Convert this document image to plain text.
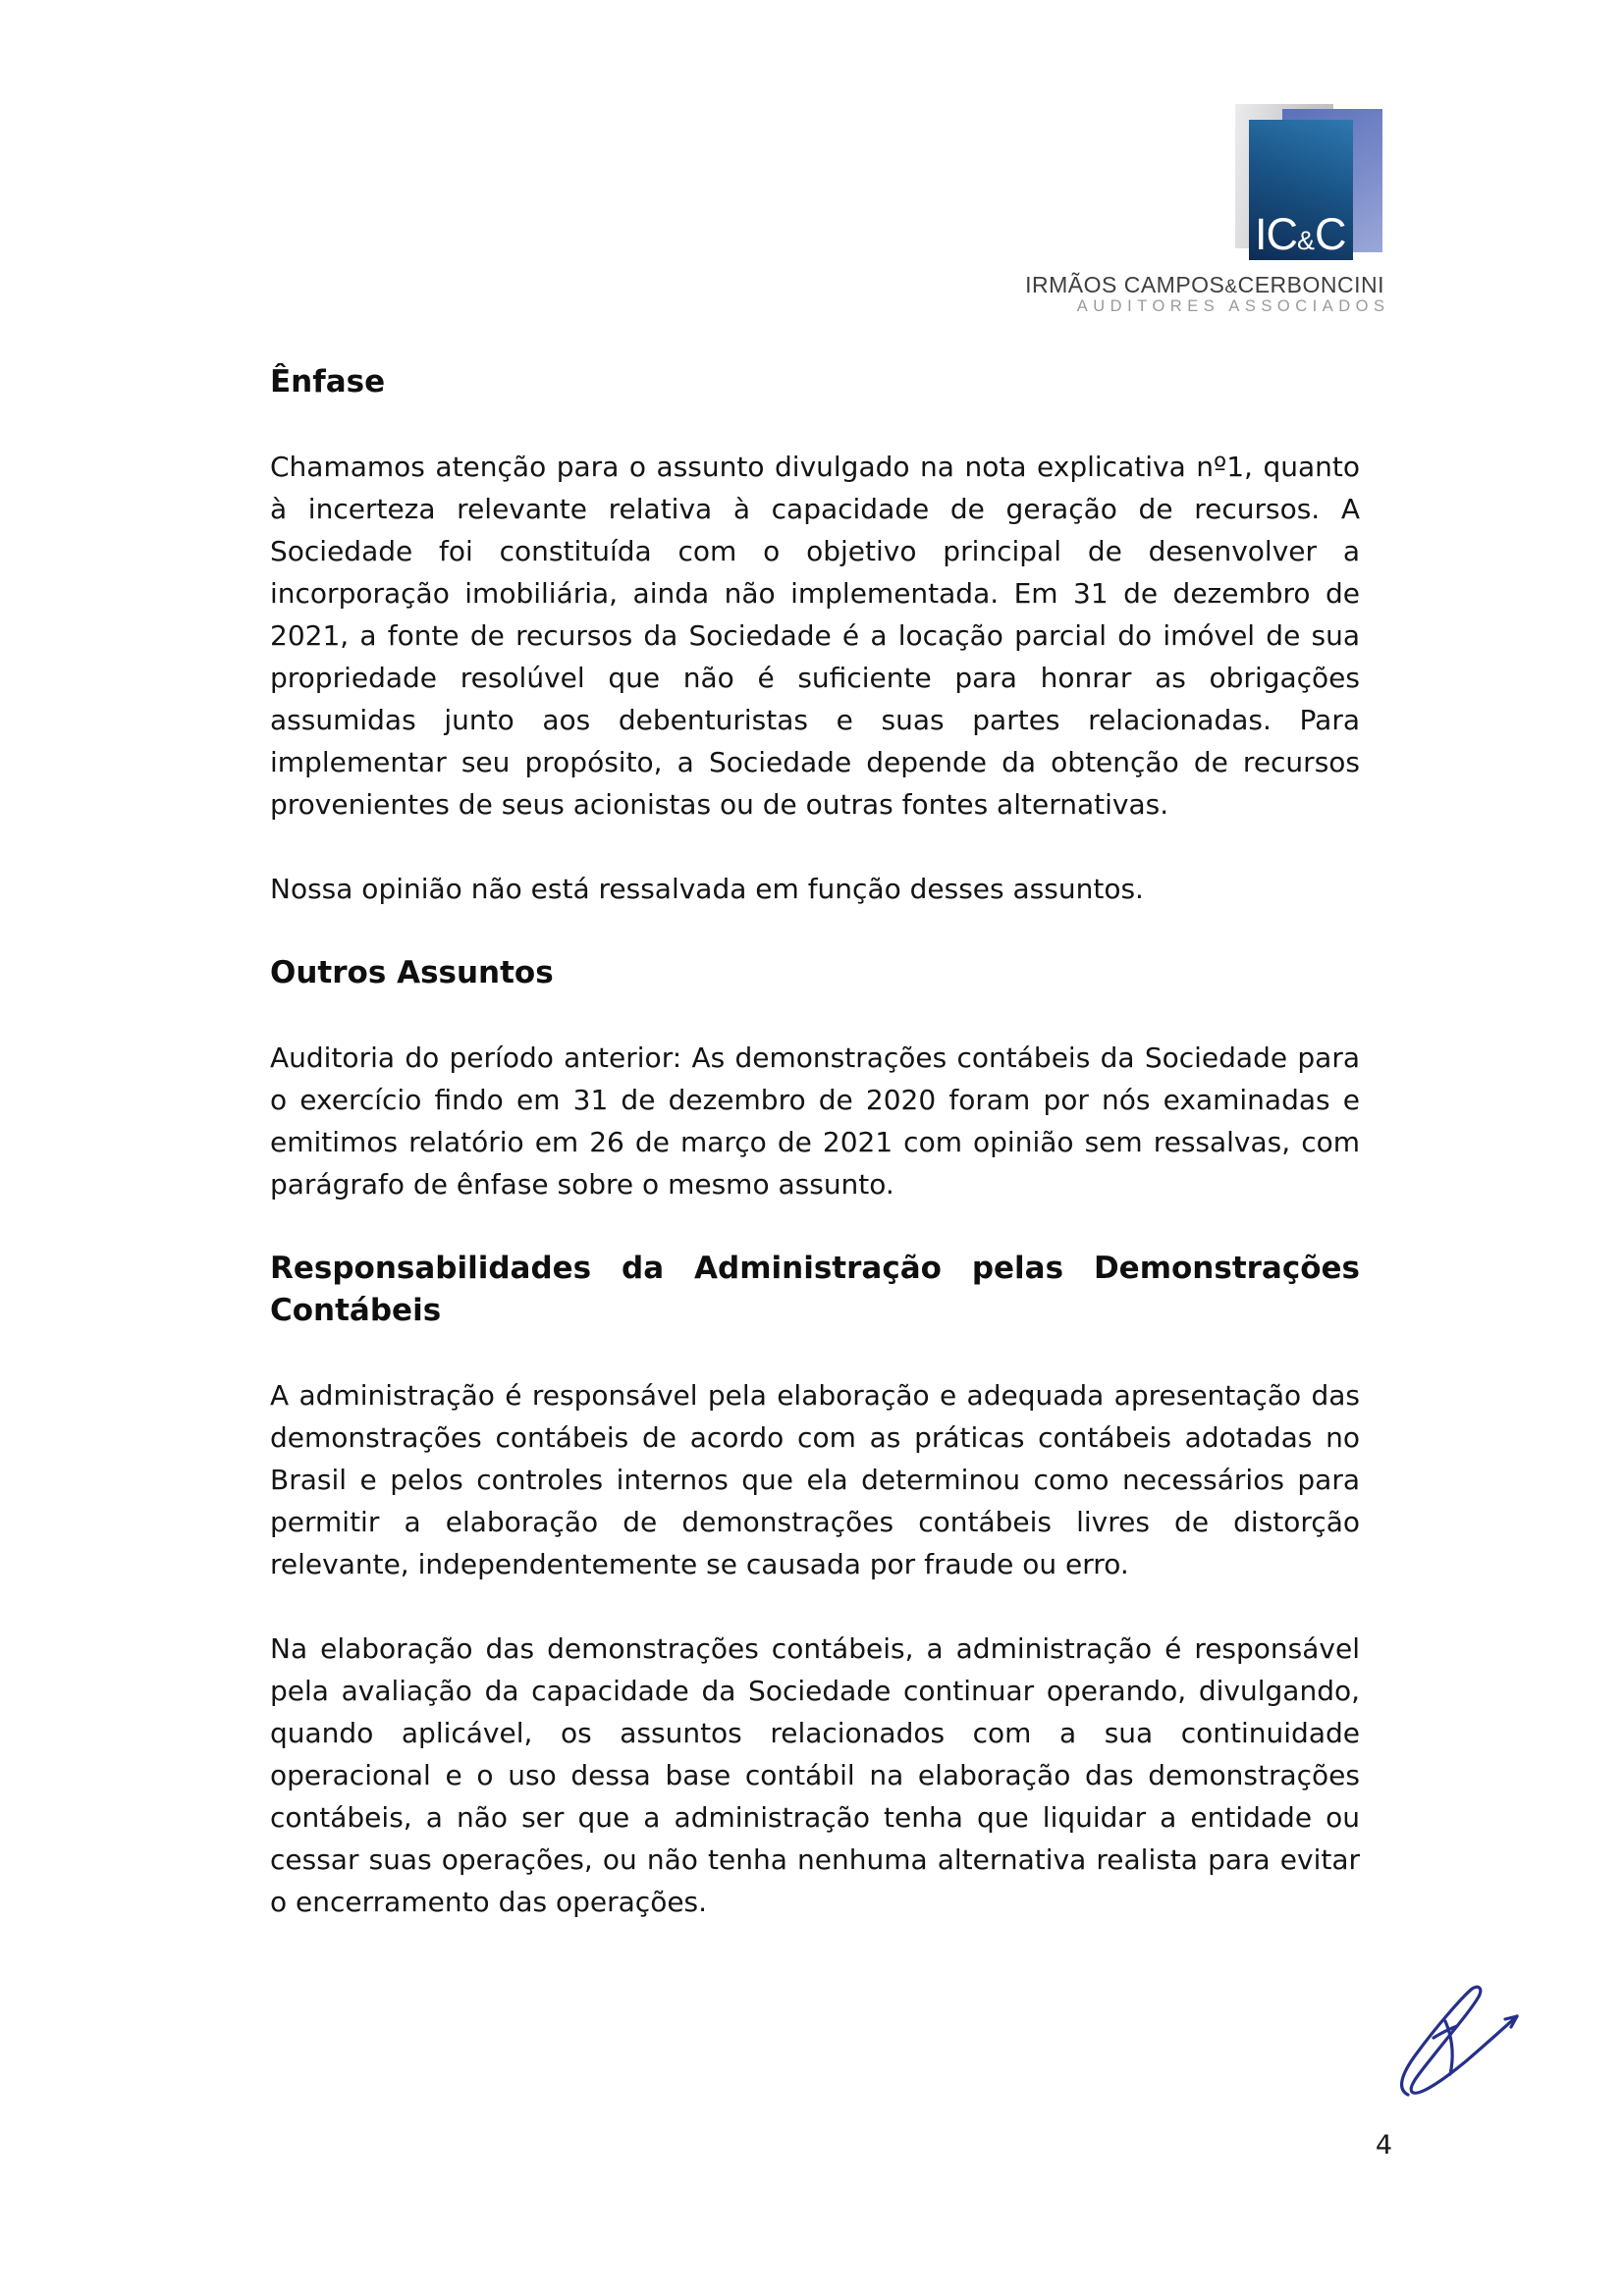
IC&C
IRMÃOS CAMPOS&CERBONCINI
AUDITORES ASSOCIADOS
Ênfase

Chamamos atenção para o assunto divulgado na nota explicativa nº1, quanto à incerteza relevante relativa à capacidade de geração de recursos. A Sociedade foi constituída com o objetivo principal de desenvolver a incorporação imobiliária, ainda não implementada. Em 31 de dezembro de 2021, a fonte de recursos da Sociedade é a locação parcial do imóvel de sua propriedade resolúvel que não é suficiente para honrar as obrigações assumidas junto aos debenturistas e suas partes relacionadas. Para implementar seu propósito, a Sociedade depende da obtenção de recursos provenientes de seus acionistas ou de outras fontes alternativas.

Nossa opinião não está ressalvada em função desses assuntos.

Outros Assuntos

Auditoria do período anterior: As demonstrações contábeis da Sociedade para o exercício findo em 31 de dezembro de 2020 foram por nós examinadas e emitimos relatório em 26 de março de 2021 com opinião sem ressalvas, com parágrafo de ênfase sobre o mesmo assunto.

Responsabilidades da Administração pelas Demonstrações Contábeis

A administração é responsável pela elaboração e adequada apresentação das demonstrações contábeis de acordo com as práticas contábeis adotadas no Brasil e pelos controles internos que ela determinou como necessários para permitir a elaboração de demonstrações contábeis livres de distorção relevante, independentemente se causada por fraude ou erro.

Na elaboração das demonstrações contábeis, a administração é responsável pela avaliação da capacidade da Sociedade continuar operando, divulgando, quando aplicável, os assuntos relacionados com a sua continuidade operacional e o uso dessa base contábil na elaboração das demonstrações contábeis, a não ser que a administração tenha que liquidar a entidade ou cessar suas operações, ou não tenha nenhuma alternativa realista para evitar o encerramento das operações.

4
